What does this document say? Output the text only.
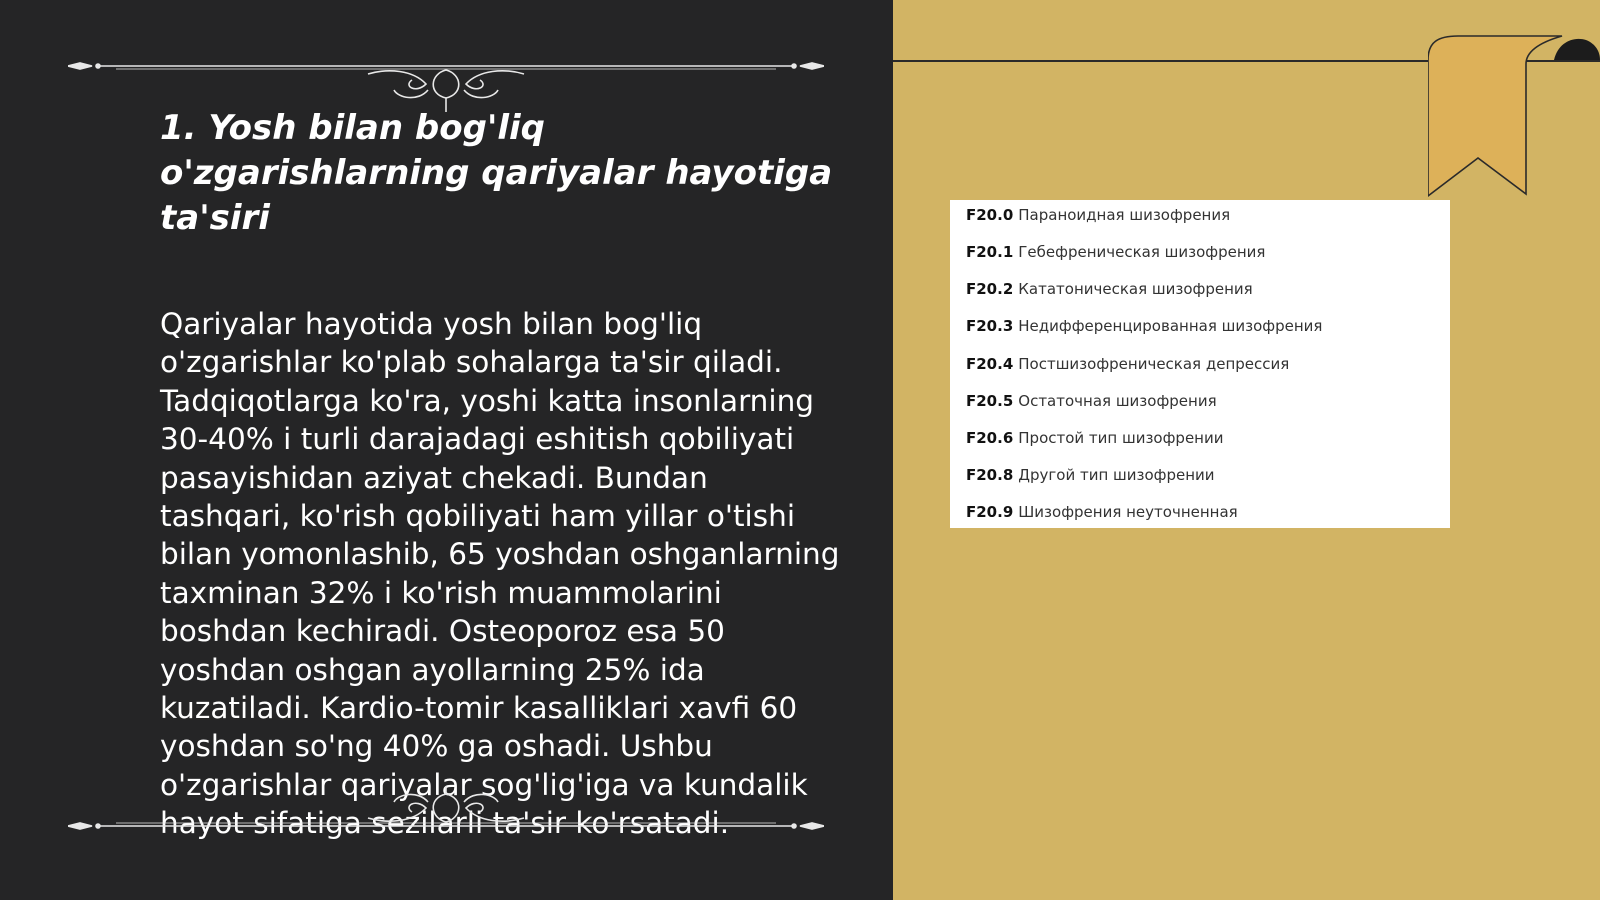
1. Yosh bilan bog'liq o'zgarishlarning qariyalar hayotiga ta'siri

Qariyalar hayotida yosh bilan bog'liq o'zgarishlar ko'plab sohalarga ta'sir qiladi. Tadqiqotlarga ko'ra, yoshi katta insonlarning 30-40% i turli darajadagi eshitish qobiliyati pasayishidan aziyat chekadi. Bundan tashqari, ko'rish qobiliyati ham yillar o'tishi bilan yomonlashib, 65 yoshdan oshganlarning taxminan 32% i ko'rish muammolarini boshdan kechiradi. Osteoporoz esa 50 yoshdan oshgan ayollarning 25% ida kuzatiladi. Kardio-tomir kasalliklari xavfi 60 yoshdan so'ng 40% ga oshadi. Ushbu o'zgarishlar qariyalar sog'lig'iga va kundalik hayot sifatiga sezilarli ta'sir ko'rsatadi.

F20.0 Параноидная шизофрения
F20.1 Гебефреническая шизофрения
F20.2 Кататоническая шизофрения
F20.3 Недифференцированная шизофрения
F20.4 Постшизофреническая депрессия
F20.5 Остаточная шизофрения
F20.6 Простой тип шизофрении
F20.8 Другой тип шизофрении
F20.9 Шизофрения неуточненная
